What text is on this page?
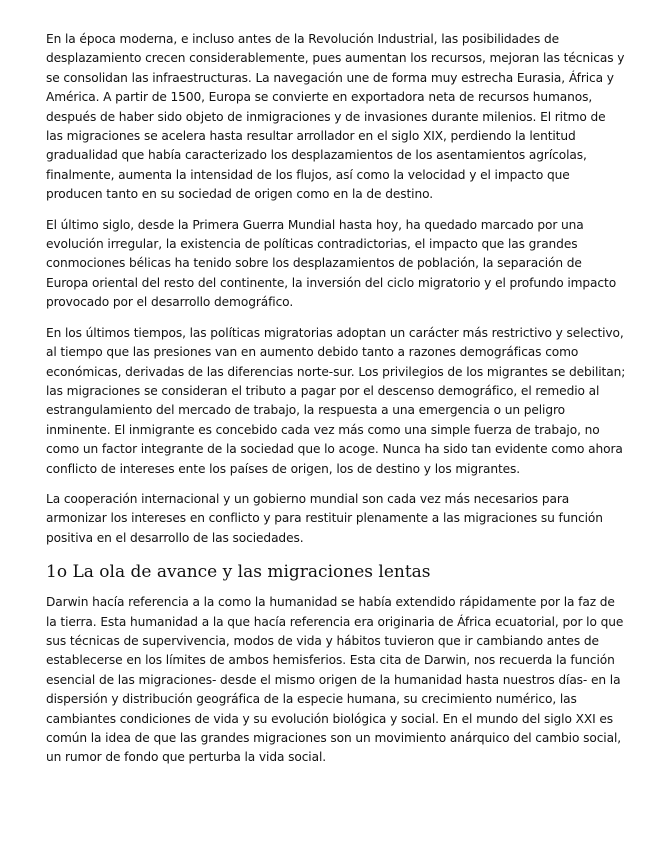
En la época moderna, e incluso antes de la Revolución Industrial, las posibilidades de desplazamiento crecen considerablemente, pues aumentan los recursos, mejoran las técnicas y se consolidan las infraestructuras. La navegación une de forma muy estrecha Eurasia, África y América. A partir de 1500, Europa se convierte en exportadora neta de recursos humanos, después de haber sido objeto de inmigraciones y de invasiones durante milenios. El ritmo de las migraciones se acelera hasta resultar arrollador en el siglo XIX, perdiendo la lentitud gradualidad que había caracterizado los desplazamientos de los asentamientos agrícolas, finalmente, aumenta la intensidad de los flujos, así como la velocidad y el impacto que producen tanto en su sociedad de origen como en la de destino.

El último siglo, desde la Primera Guerra Mundial hasta hoy, ha quedado marcado por una evolución irregular, la existencia de políticas contradictorias, el impacto que las grandes conmociones bélicas ha tenido sobre los desplazamientos de población, la separación de Europa oriental del resto del continente, la inversión del ciclo migratorio y el profundo impacto provocado por el desarrollo demográfico.

En los últimos tiempos, las políticas migratorias adoptan un carácter más restrictivo y selectivo, al tiempo que las presiones van en aumento debido tanto a razones demográficas como económicas, derivadas de las diferencias norte-sur. Los privilegios de los migrantes se debilitan; las migraciones se consideran el tributo a pagar por el descenso demográfico, el remedio al estrangulamiento del mercado de trabajo, la respuesta a una emergencia o un peligro inminente. El inmigrante es concebido cada vez más como una simple fuerza de trabajo, no como un factor integrante de la sociedad que lo acoge. Nunca ha sido tan evidente como ahora conflicto de intereses ente los países de origen, los de destino y los migrantes.

La cooperación internacional y un gobierno mundial son cada vez más necesarios para armonizar los intereses en conflicto y para restituir plenamente a las migraciones su función positiva en el desarrollo de las sociedades.

1o La ola de avance y las migraciones lentas

Darwin hacía referencia a la como la humanidad se había extendido rápidamente por la faz de la tierra. Esta humanidad a la que hacía referencia era originaria de África ecuatorial, por lo que sus técnicas de supervivencia, modos de vida y hábitos tuvieron que ir cambiando antes de establecerse en los límites de ambos hemisferios. Esta cita de Darwin, nos recuerda la función esencial de las migraciones- desde el mismo origen de la humanidad hasta nuestros días- en la dispersión y distribución geográfica de la especie humana, su crecimiento numérico, las cambiantes condiciones de vida y su evolución biológica y social. En el mundo del siglo XXI es común la idea de que las grandes migraciones son un movimiento anárquico del cambio social, un rumor de fondo que perturba la vida social.
